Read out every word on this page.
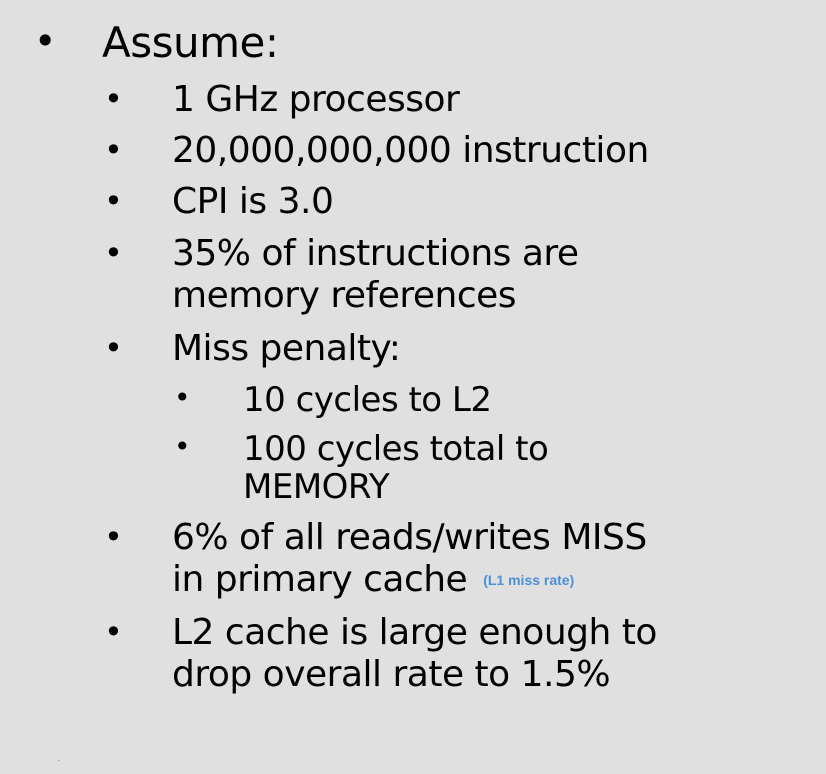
• Assume:
• 1 GHz processor
• 20,000,000,000 instruction
• CPI is 3.0
• 35% of instructions are
memory references
• Miss penalty:
• 10 cycles to L2
• 100 cycles total to
MEMORY
• 6% of all reads/writes MISS
in primary cache (L1 miss rate)
• L2 cache is large enough to
drop overall rate to 1.5%
